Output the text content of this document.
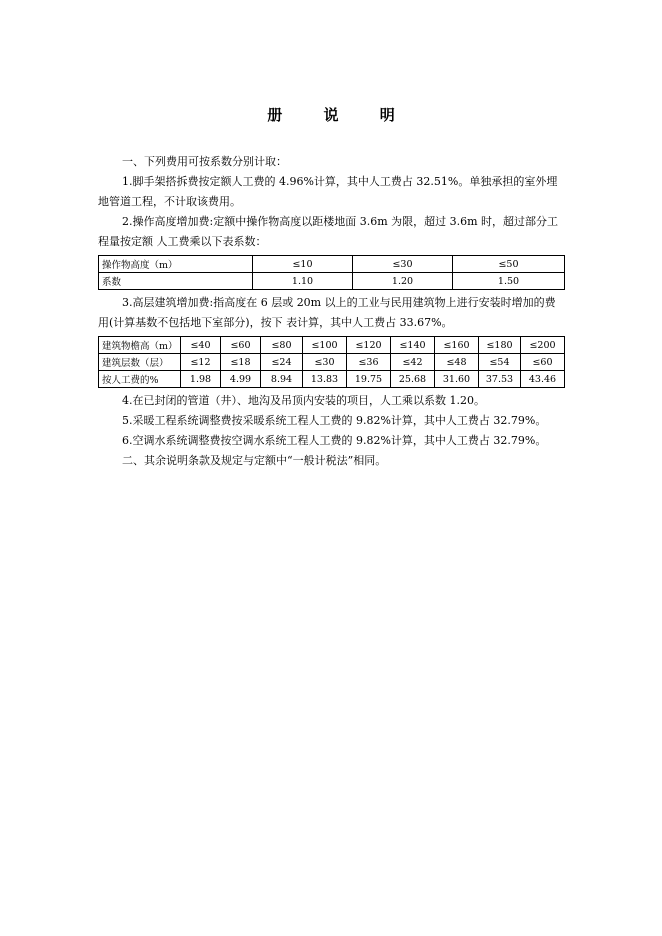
册 说 明

一、下列费用可按系数分别计取：

1.脚手架搭拆费按定额人工费的 4.96%计算，其中人工费占 32.51%。单独承担的室外埋地管道工程，不计取该费用。

2.操作高度增加费:定额中操作物高度以距楼地面 3.6m 为限，超过 3.6m 时，超过部分工程量按定额 人工费乘以下表系数：

操作物高度（m）	≤10	≤30	≤50
系数	1.10	1.20	1.50

3.高层建筑增加费:指高度在 6 层或 20m 以上的工业与民用建筑物上进行安装时增加的费用(计算基数不包括地下室部分)，按下 表计算，其中人工费占 33.67%。

建筑物檐高（m）	≤40	≤60	≤80	≤100	≤120	≤140	≤160	≤180	≤200
建筑层数（层）	≤12	≤18	≤24	≤30	≤36	≤42	≤48	≤54	≤60
按人工费的%	1.98	4.99	8.94	13.83	19.75	25.68	31.60	37.53	43.46

4.在已封闭的管道（井）、地沟及吊顶内安装的项目，人工乘以系数 1.20。

5.采暖工程系统调整费按采暖系统工程人工费的 9.82%计算，其中人工费占 32.79%。

6.空调水系统调整费按空调水系统工程人工费的 9.82%计算，其中人工费占 32.79%。

二、其余说明条款及规定与定额中“一般计税法”相同。
